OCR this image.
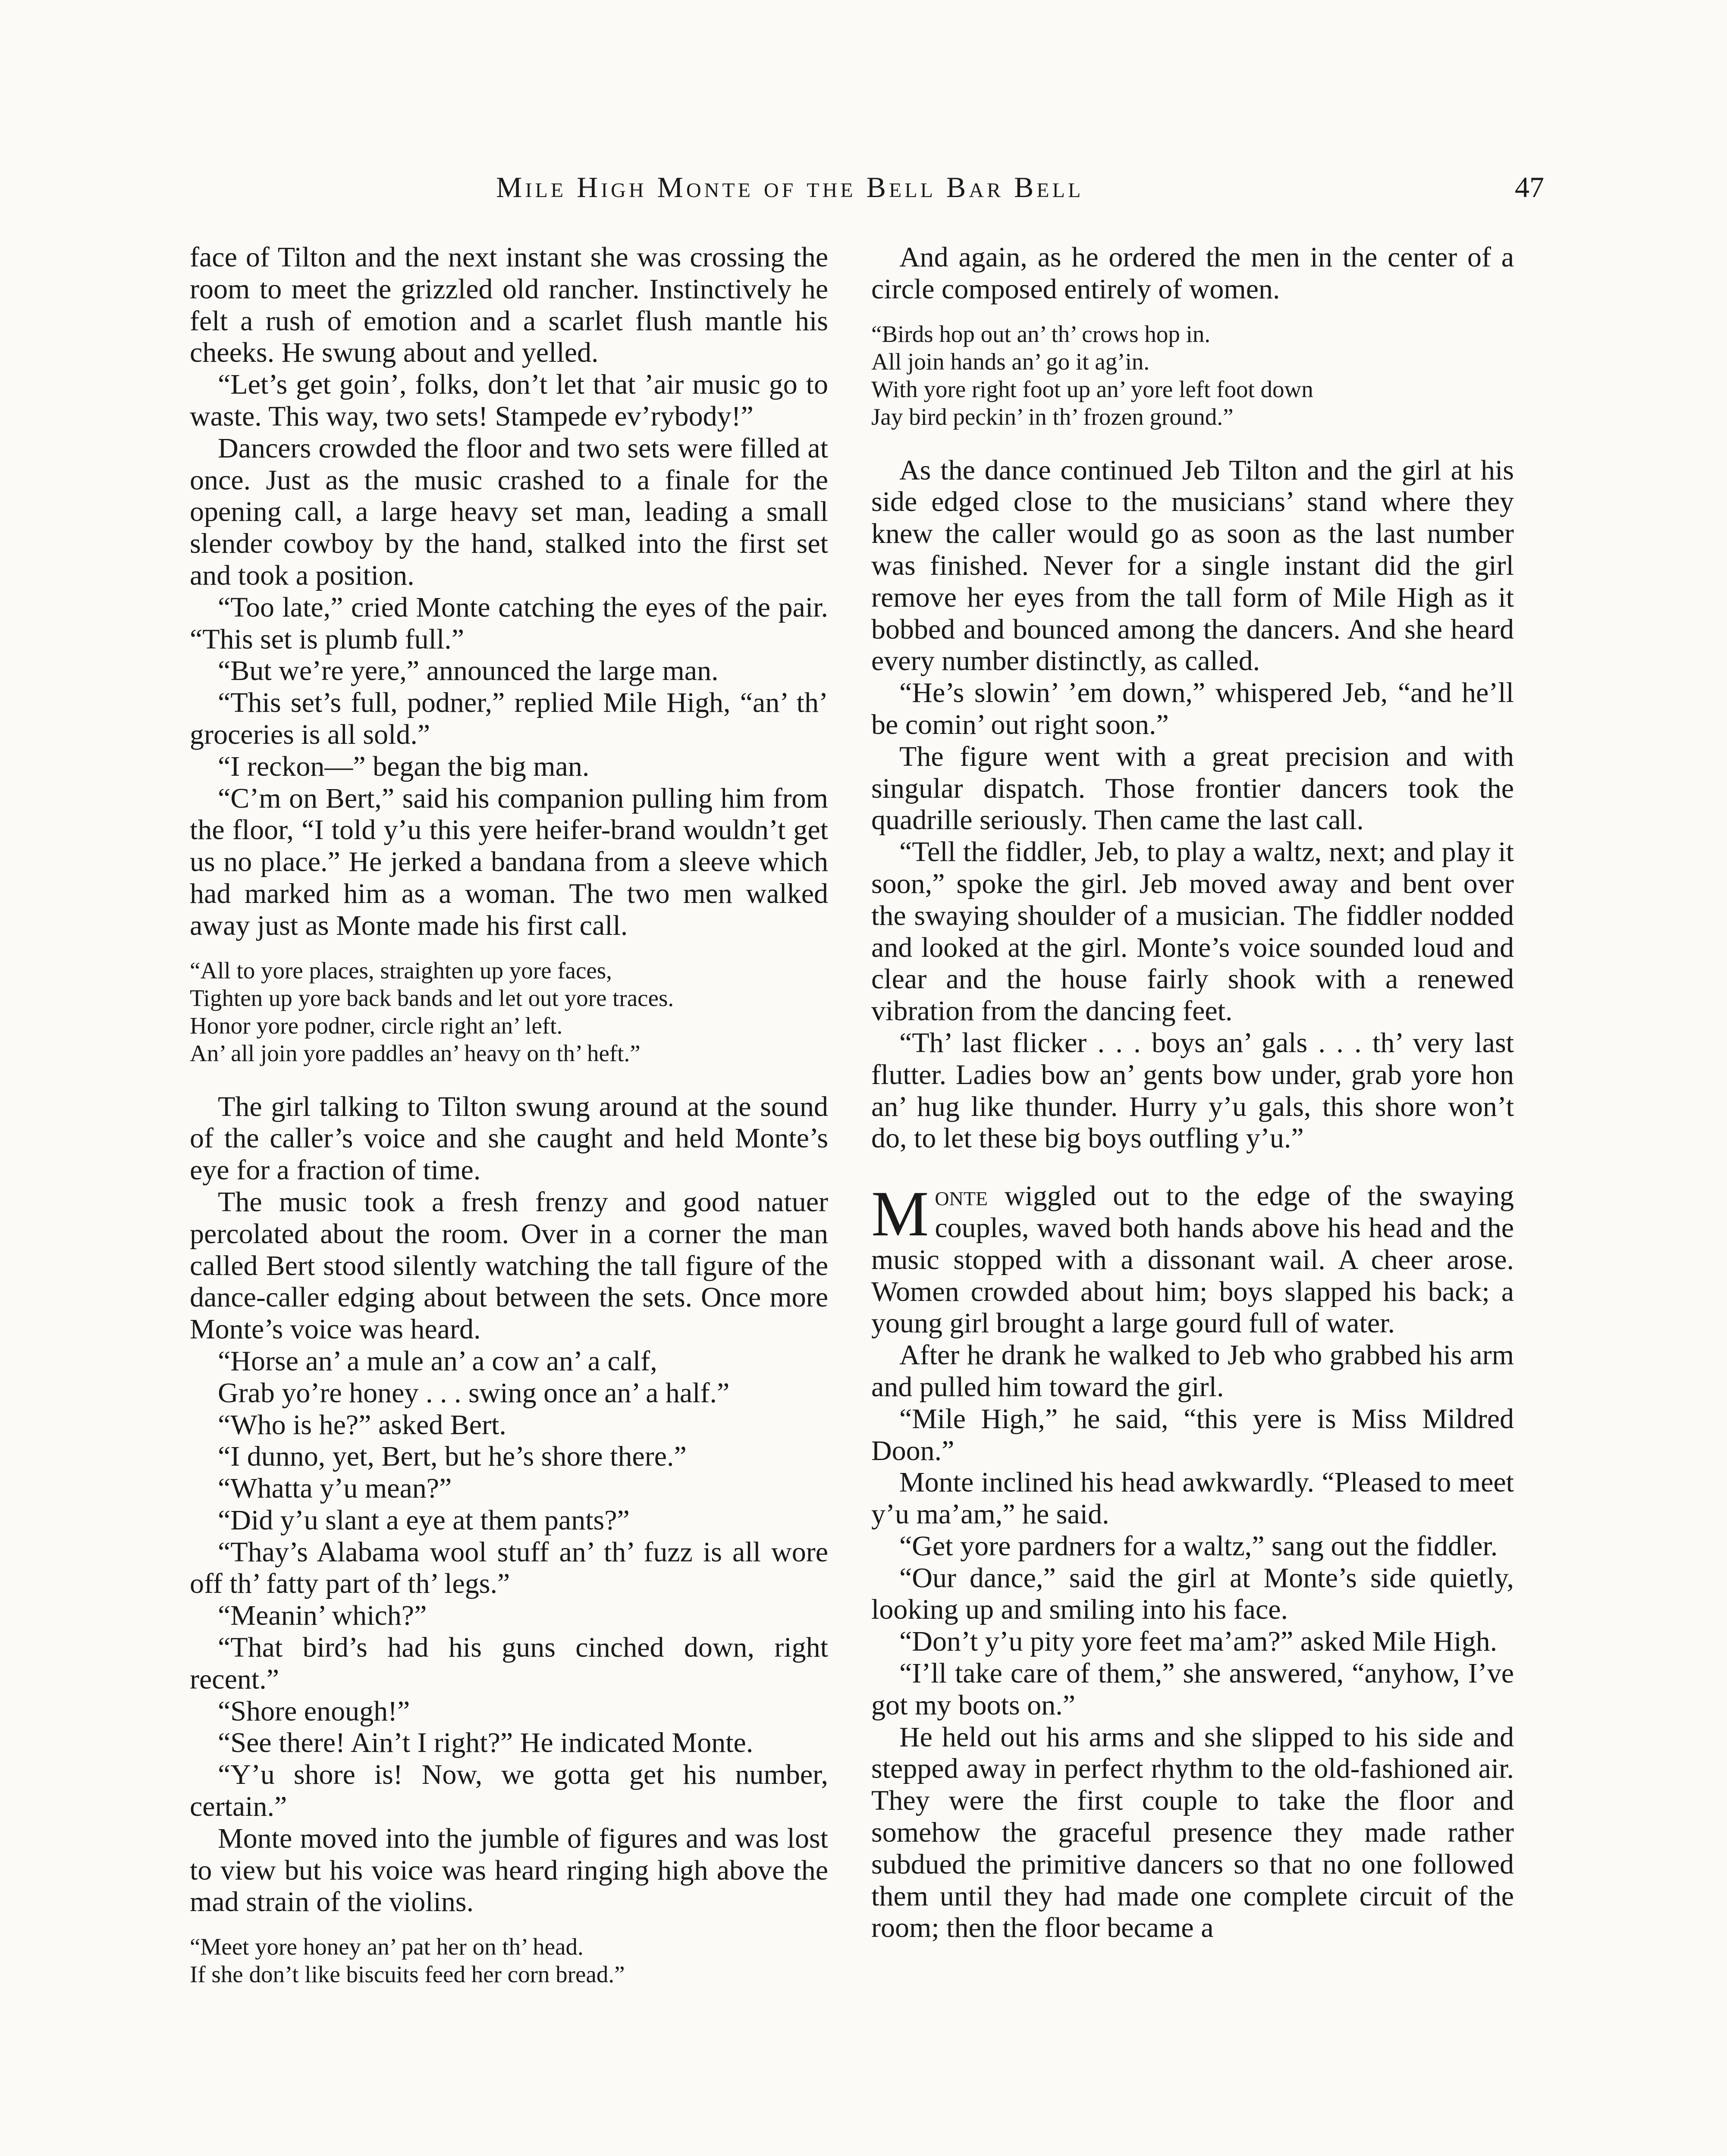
Mile High Monte of the Bell Bar Bell	47

face of Tilton and the next instant she was crossing the room to meet the grizzled old rancher. Instinctively he felt a rush of emotion and a scarlet flush mantle his cheeks. He swung about and yelled.

“Let’s get goin’, folks, don’t let that ’air music go to waste. This way, two sets! Stampede ev’rybody!”

Dancers crowded the floor and two sets were filled at once. Just as the music crashed to a finale for the opening call, a large heavy set man, leading a small slender cowboy by the hand, stalked into the first set and took a position.

“Too late,” cried Monte catching the eyes of the pair. “This set is plumb full.”

“But we’re yere,” announced the large man.

“This set’s full, podner,” replied Mile High, “an’ th’ groceries is all sold.”

“I reckon—” began the big man.

“C’m on Bert,” said his companion pulling him from the floor, “I told y’u this yere heifer-brand wouldn’t get us no place.” He jerked a bandana from a sleeve which had marked him as a woman. The two men walked away just as Monte made his first call.

“All to yore places, straighten up yore faces,
Tighten up yore back bands and let out yore traces.
Honor yore podner, circle right an’ left.
An’ all join yore paddles an’ heavy on th’ heft.”

The girl talking to Tilton swung around at the sound of the caller’s voice and she caught and held Monte’s eye for a fraction of time.

The music took a fresh frenzy and good natuer percolated about the room. Over in a corner the man called Bert stood silently watching the tall figure of the dance-caller edging about between the sets. Once more Monte’s voice was heard.

“Horse an’ a mule an’ a cow an’ a calf,

Grab yo’re honey . . . swing once an’ a half.”

“Who is he?” asked Bert.

“I dunno, yet, Bert, but he’s shore there.”

“Whatta y’u mean?”

“Did y’u slant a eye at them pants?”

“Thay’s Alabama wool stuff an’ th’ fuzz is all wore off th’ fatty part of th’ legs.”

“Meanin’ which?”

“That bird’s had his guns cinched down, right recent.”

“Shore enough!”

“See there! Ain’t I right?” He indicated Monte.

“Y’u shore is! Now, we gotta get his number, certain.”

Monte moved into the jumble of figures and was lost to view but his voice was heard ringing high above the mad strain of the violins.

“Meet yore honey an’ pat her on th’ head.
If she don’t like biscuits feed her corn bread.”

And again, as he ordered the men in the center of a circle composed entirely of women.

“Birds hop out an’ th’ crows hop in.
All join hands an’ go it ag’in.
With yore right foot up an’ yore left foot down
Jay bird peckin’ in th’ frozen ground.”

As the dance continued Jeb Tilton and the girl at his side edged close to the musicians’ stand where they knew the caller would go as soon as the last number was finished. Never for a single instant did the girl remove her eyes from the tall form of Mile High as it bobbed and bounced among the dancers. And she heard every number distinctly, as called.

“He’s slowin’ ’em down,” whispered Jeb, “and he’ll be comin’ out right soon.”

The figure went with a great precision and with singular dispatch. Those frontier dancers took the quadrille seriously. Then came the last call.

“Tell the fiddler, Jeb, to play a waltz, next; and play it soon,” spoke the girl. Jeb moved away and bent over the swaying shoulder of a musician. The fiddler nodded and looked at the girl. Monte’s voice sounded loud and clear and the house fairly shook with a renewed vibration from the dancing feet.

“Th’ last flicker . . . boys an’ gals . . . th’ very last flutter. Ladies bow an’ gents bow under, grab yore hon an’ hug like thunder. Hurry y’u gals, this shore won’t do, to let these big boys outfling y’u.”

Monte wiggled out to the edge of the swaying couples, waved both hands above his head and the music stopped with a dissonant wail. A cheer arose. Women crowded about him; boys slapped his back; a young girl brought a large gourd full of water.

After he drank he walked to Jeb who grabbed his arm and pulled him toward the girl.

“Mile High,” he said, “this yere is Miss Mildred Doon.”

Monte inclined his head awkwardly. “Pleased to meet y’u ma’am,” he said.

“Get yore pardners for a waltz,” sang out the fiddler.

“Our dance,” said the girl at Monte’s side quietly, looking up and smiling into his face.

“Don’t y’u pity yore feet ma’am?” asked Mile High.

“I’ll take care of them,” she answered, “anyhow, I’ve got my boots on.”

He held out his arms and she slipped to his side and stepped away in perfect rhythm to the old-fashioned air. They were the first couple to take the floor and somehow the graceful presence they made rather subdued the primitive dancers so that no one followed them until they had made one complete circuit of the room; then the floor became a
